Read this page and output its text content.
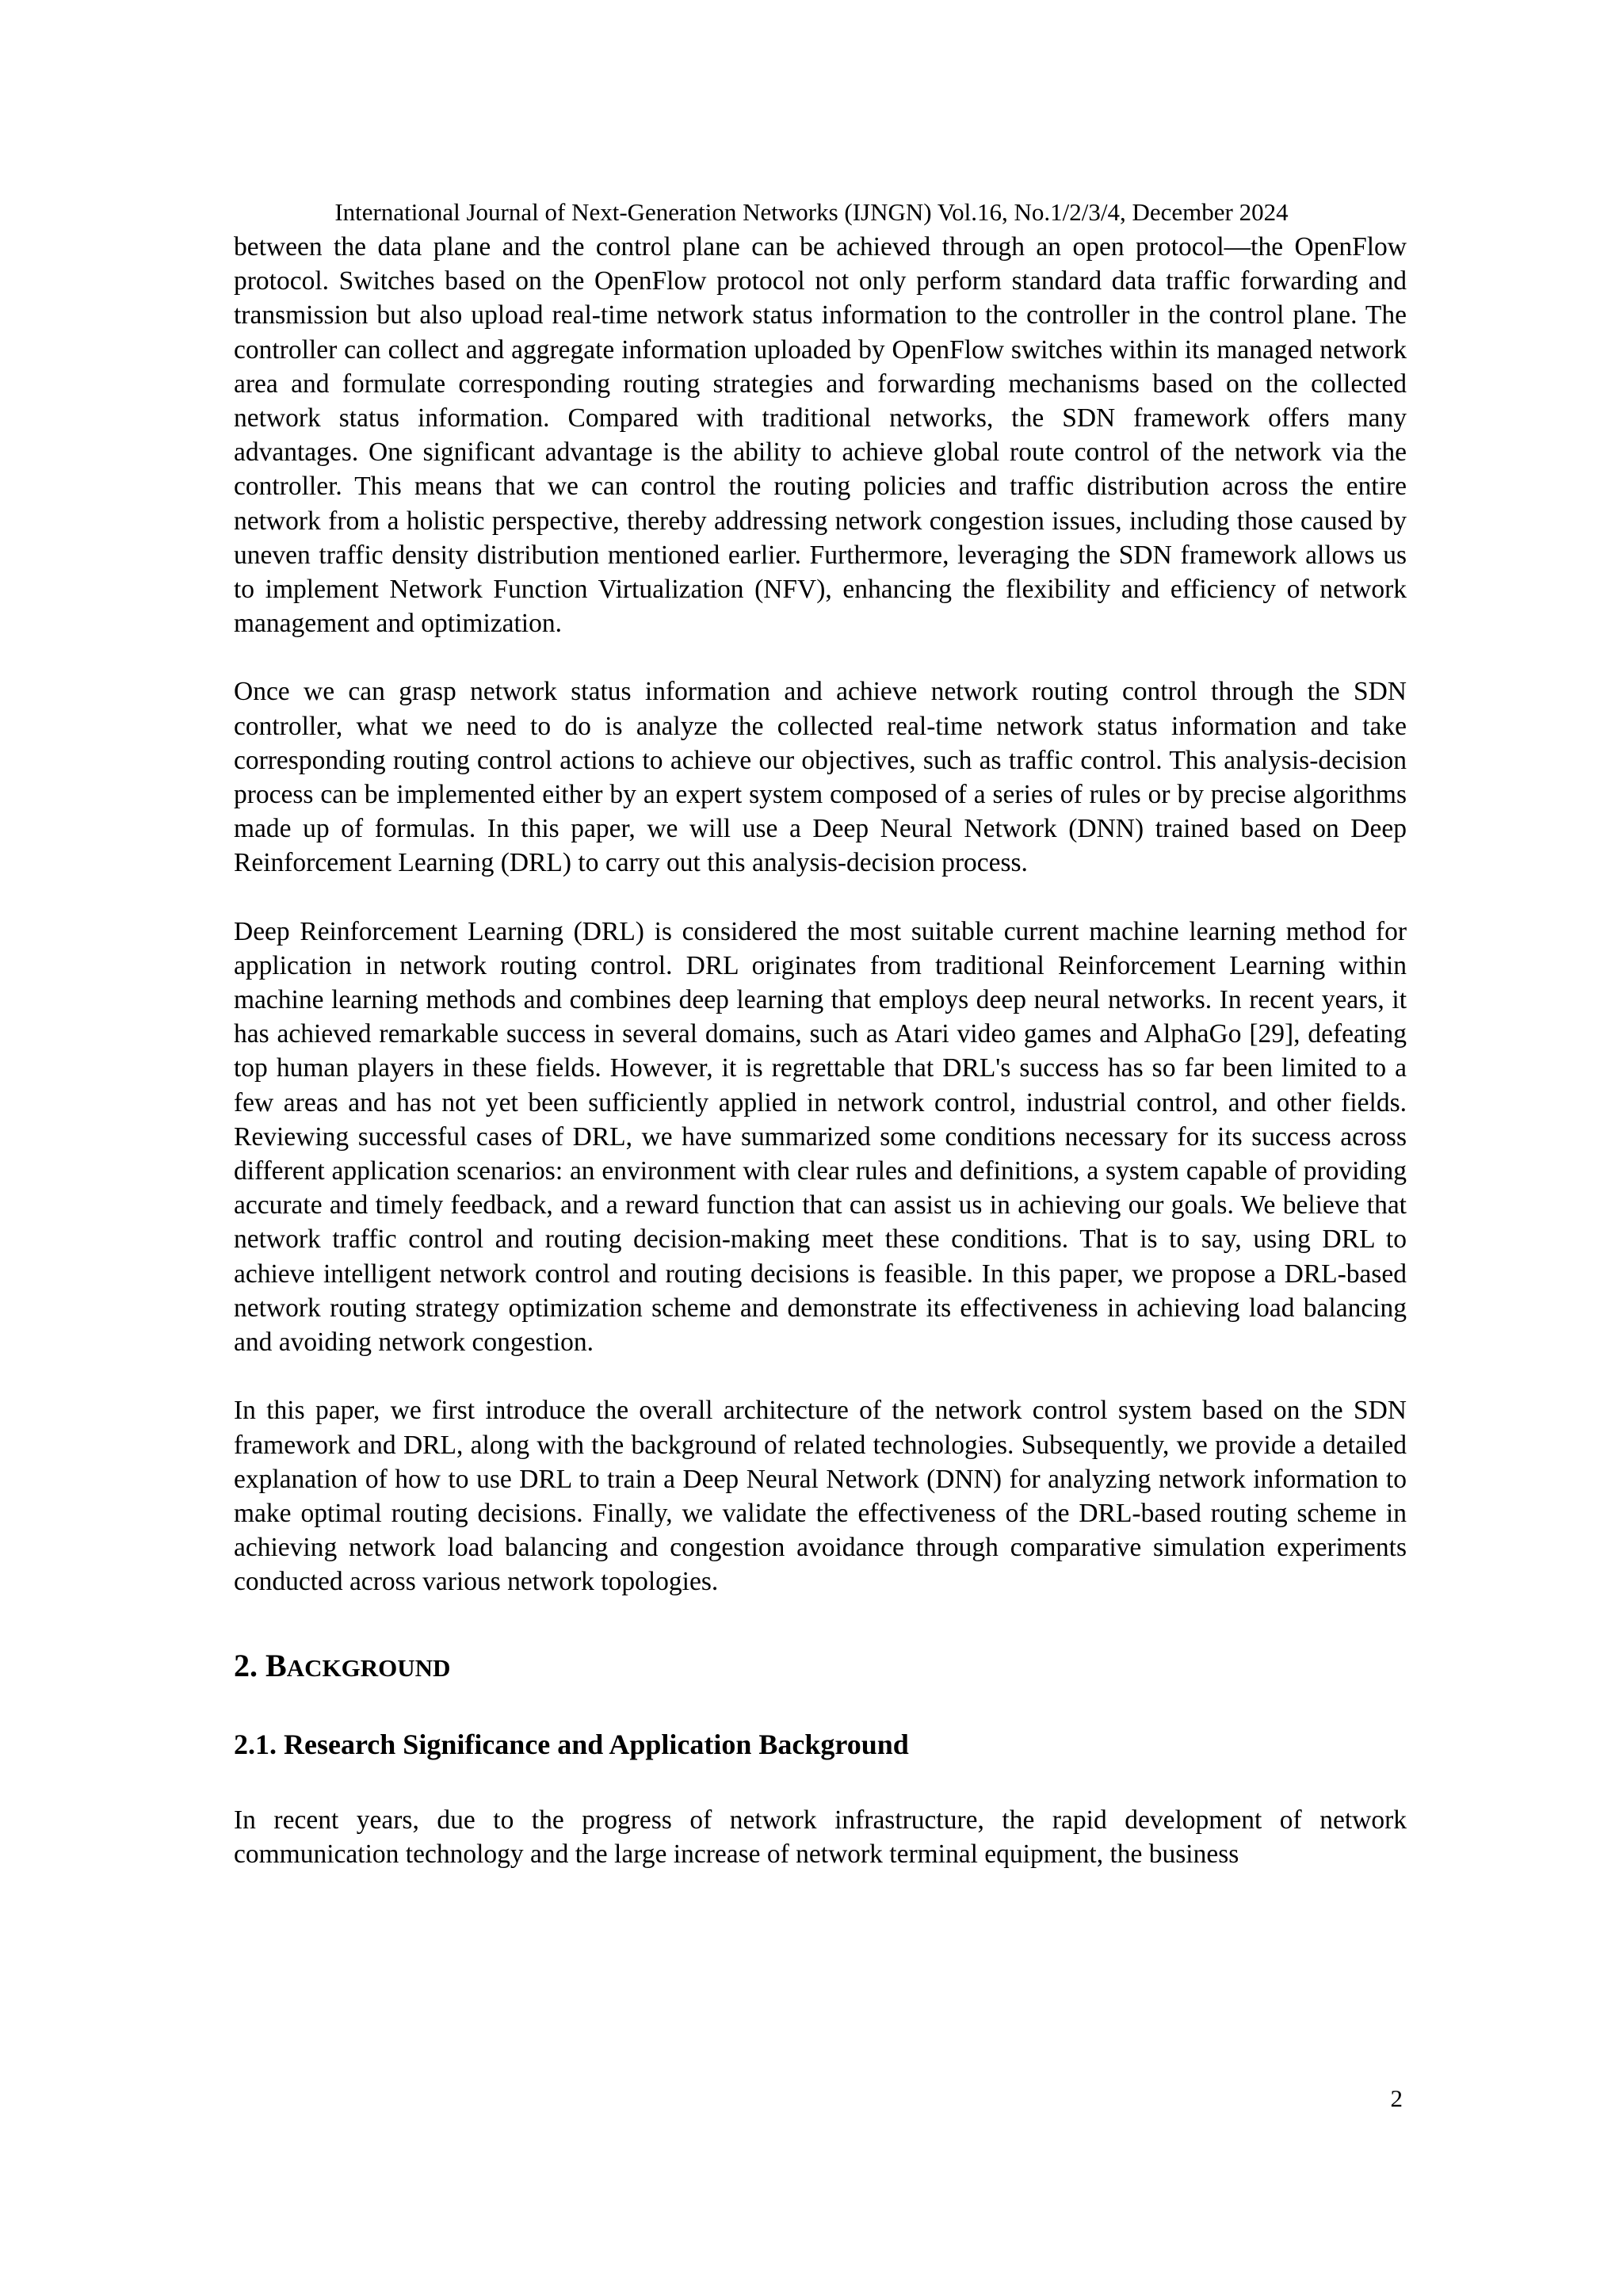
International Journal of Next-Generation Networks (IJNGN) Vol.16, No.1/2/3/4, December 2024

between the data plane and the control plane can be achieved through an open protocol—the OpenFlow protocol. Switches based on the OpenFlow protocol not only perform standard data traffic forwarding and transmission but also upload real-time network status information to the controller in the control plane. The controller can collect and aggregate information uploaded by OpenFlow switches within its managed network area and formulate corresponding routing strategies and forwarding mechanisms based on the collected network status information. Compared with traditional networks, the SDN framework offers many advantages. One significant advantage is the ability to achieve global route control of the network via the controller. This means that we can control the routing policies and traffic distribution across the entire network from a holistic perspective, thereby addressing network congestion issues, including those caused by uneven traffic density distribution mentioned earlier. Furthermore, leveraging the SDN framework allows us to implement Network Function Virtualization (NFV), enhancing the flexibility and efficiency of network management and optimization.

Once we can grasp network status information and achieve network routing control through the SDN controller, what we need to do is analyze the collected real-time network status information and take corresponding routing control actions to achieve our objectives, such as traffic control. This analysis-decision process can be implemented either by an expert system composed of a series of rules or by precise algorithms made up of formulas. In this paper, we will use a Deep Neural Network (DNN) trained based on Deep Reinforcement Learning (DRL) to carry out this analysis-decision process.

Deep Reinforcement Learning (DRL) is considered the most suitable current machine learning method for application in network routing control. DRL originates from traditional Reinforcement Learning within machine learning methods and combines deep learning that employs deep neural networks. In recent years, it has achieved remarkable success in several domains, such as Atari video games and AlphaGo [29], defeating top human players in these fields. However, it is regrettable that DRL's success has so far been limited to a few areas and has not yet been sufficiently applied in network control, industrial control, and other fields. Reviewing successful cases of DRL, we have summarized some conditions necessary for its success across different application scenarios: an environment with clear rules and definitions, a system capable of providing accurate and timely feedback, and a reward function that can assist us in achieving our goals. We believe that network traffic control and routing decision-making meet these conditions. That is to say, using DRL to achieve intelligent network control and routing decisions is feasible. In this paper, we propose a DRL-based network routing strategy optimization scheme and demonstrate its effectiveness in achieving load balancing and avoiding network congestion.

In this paper, we first introduce the overall architecture of the network control system based on the SDN framework and DRL, along with the background of related technologies. Subsequently, we provide a detailed explanation of how to use DRL to train a Deep Neural Network (DNN) for analyzing network information to make optimal routing decisions. Finally, we validate the effectiveness of the DRL-based routing scheme in achieving network load balancing and congestion avoidance through comparative simulation experiments conducted across various network topologies.

2. BACKGROUND
2.1. Research Significance and Application Background

In recent years, due to the progress of network infrastructure, the rapid development of network communication technology and the large increase of network terminal equipment, the business

2
